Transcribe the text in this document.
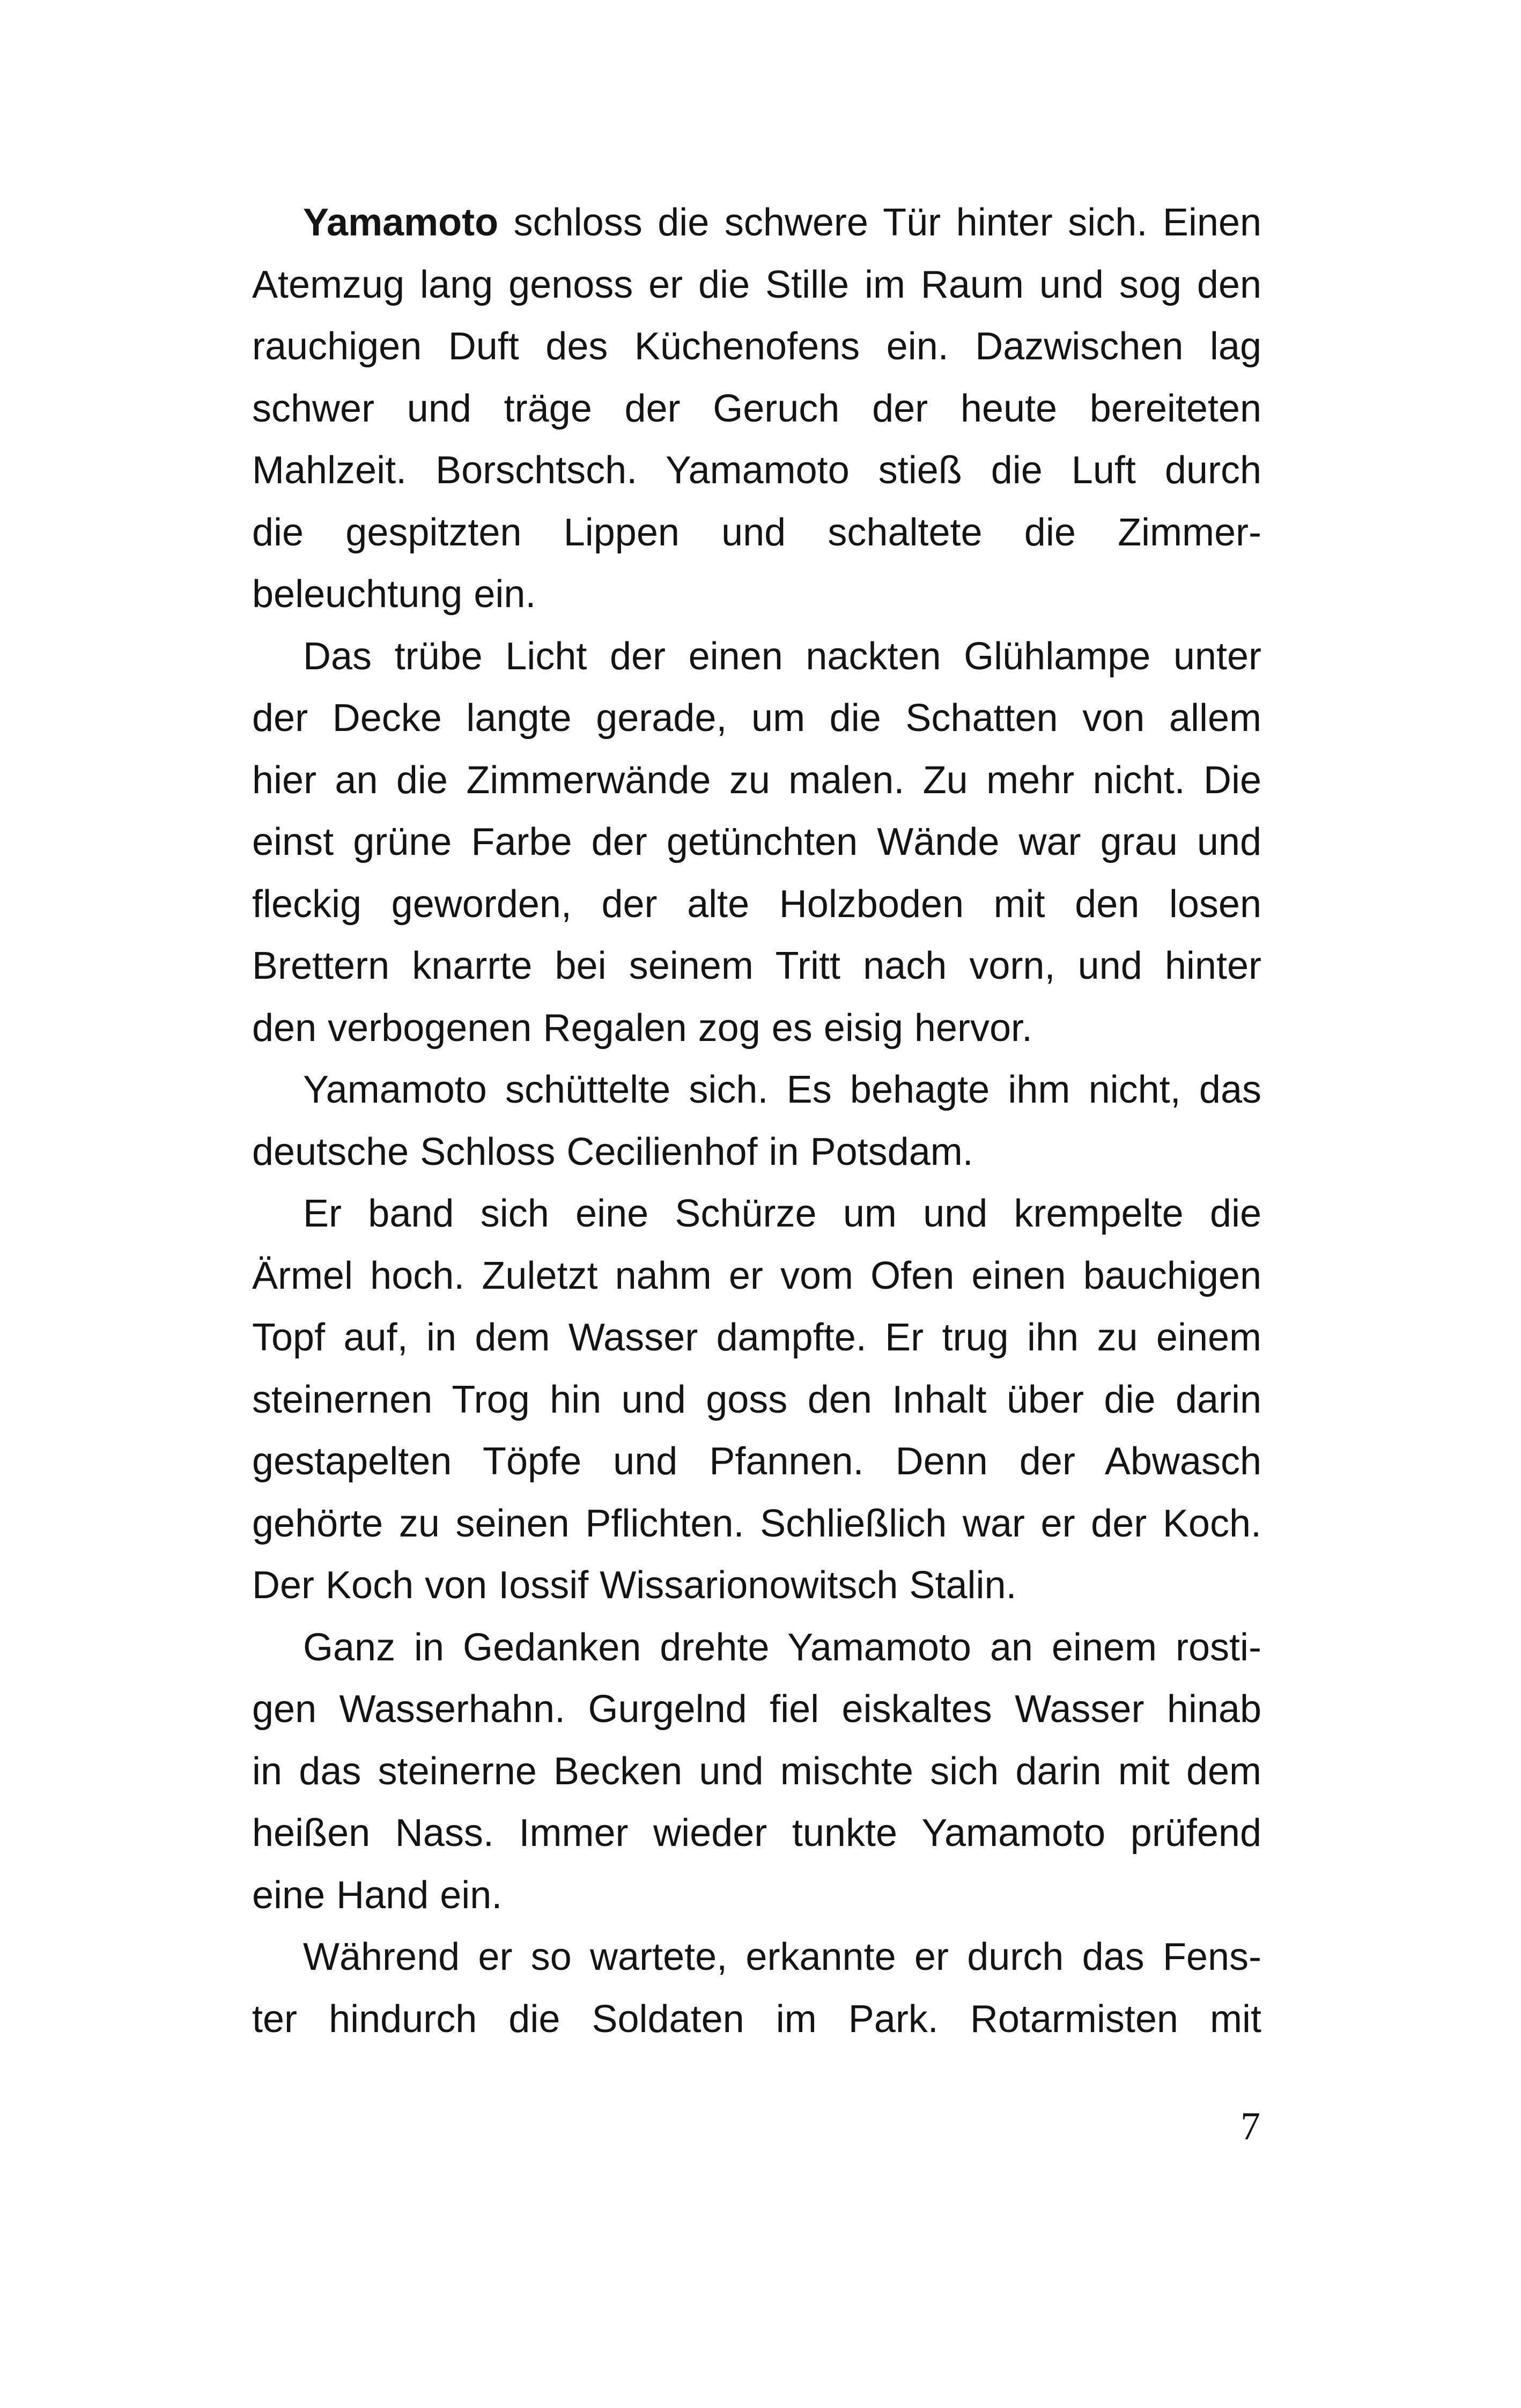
Yamamoto schloss die schwere Tür hinter sich. Einen
Atemzug lang genoss er die Stille im Raum und sog den
rauchigen Duft des Küchenofens ein. Dazwischen lag
schwer und träge der Geruch der heute bereiteten
Mahlzeit. Borschtsch. Yamamoto stieß die Luft durch
die gespitzten Lippen und schaltete die Zimmer-
beleuchtung ein.

Das trübe Licht der einen nackten Glühlampe unter
der Decke langte gerade, um die Schatten von allem
hier an die Zimmerwände zu malen. Zu mehr nicht. Die
einst grüne Farbe der getünchten Wände war grau und
fleckig geworden, der alte Holzboden mit den losen
Brettern knarrte bei seinem Tritt nach vorn, und hinter
den verbogenen Regalen zog es eisig hervor.

Yamamoto schüttelte sich. Es behagte ihm nicht, das
deutsche Schloss Cecilienhof in Potsdam.

Er band sich eine Schürze um und krempelte die
Ärmel hoch. Zuletzt nahm er vom Ofen einen bauchigen
Topf auf, in dem Wasser dampfte. Er trug ihn zu einem
steinernen Trog hin und goss den Inhalt über die darin
gestapelten Töpfe und Pfannen. Denn der Abwasch
gehörte zu seinen Pflichten. Schließlich war er der Koch.
Der Koch von Iossif Wissarionowitsch Stalin.

Ganz in Gedanken drehte Yamamoto an einem rosti-
gen Wasserhahn. Gurgelnd fiel eiskaltes Wasser hinab
in das steinerne Becken und mischte sich darin mit dem
heißen Nass. Immer wieder tunkte Yamamoto prüfend
eine Hand ein.

Während er so wartete, erkannte er durch das Fens-
ter hindurch die Soldaten im Park. Rotarmisten mit

7
